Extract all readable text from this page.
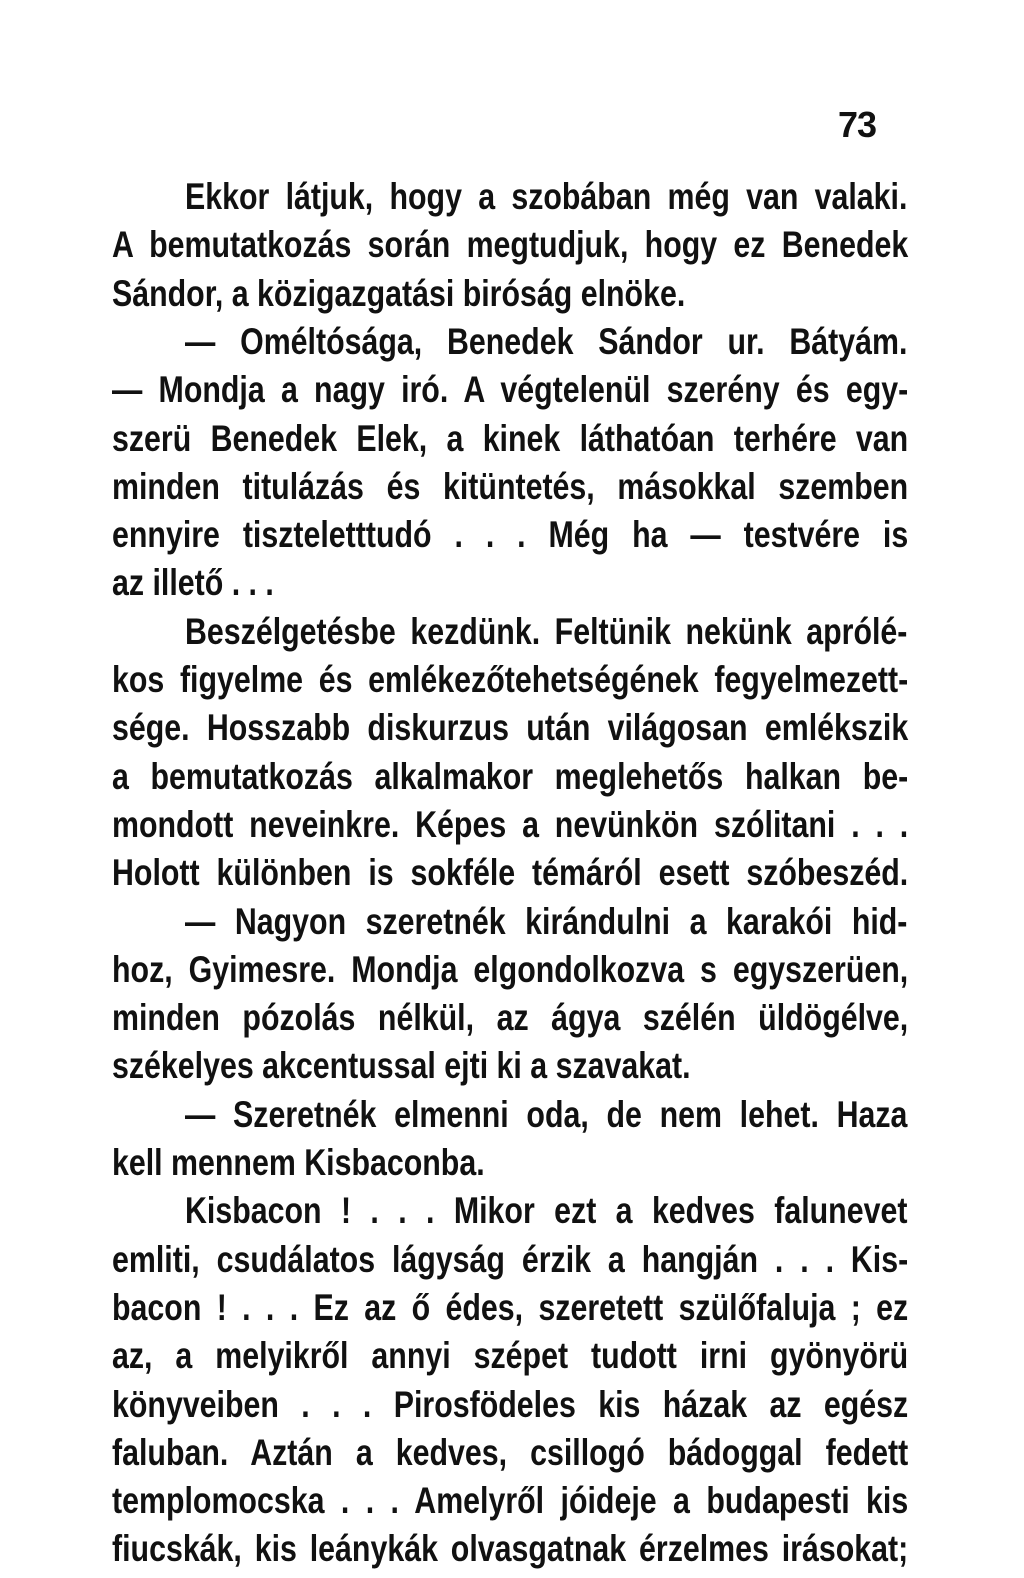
73
Ekkor látjuk, hogy a szobában még van valaki.
A bemutatkozás során megtudjuk, hogy ez Benedek
Sándor, a közigazgatási biróság elnöke.
— Oméltósága, Benedek Sándor ur. Bátyám.
— Mondja a nagy iró. A végtelenül szerény és egy-
szerü Benedek Elek, a kinek láthatóan terhére van
minden titulázás és kitüntetés, másokkal szemben
ennyire tiszteletttudó . . . Még ha — testvére is
az illető . . .
Beszélgetésbe kezdünk. Feltünik nekünk aprólé-
kos figyelme és emlékezőtehetségének fegyelmezett-
sége. Hosszabb diskurzus után világosan emlékszik
a bemutatkozás alkalmakor meglehetős halkan be-
mondott neveinkre. Képes a nevünkön szólitani . . .
Holott különben is sokféle témáról esett szóbeszéd.
— Nagyon szeretnék kirándulni a karakói hid-
hoz, Gyimesre. Mondja elgondolkozva s egyszerüen,
minden pózolás nélkül, az ágya szélén üldögélve,
székelyes akcentussal ejti ki a szavakat.
— Szeretnék elmenni oda, de nem lehet. Haza
kell mennem Kisbaconba.
Kisbacon ! . . . Mikor ezt a kedves falunevet
emliti, csudálatos lágyság érzik a hangján . . . Kis-
bacon ! . . . Ez az ő édes, szeretett szülőfaluja ; ez
az, a melyikről annyi szépet tudott irni gyönyörü
könyveiben . . . Pirosfödeles kis házak az egész
faluban. Aztán a kedves, csillogó bádoggal fedett
templomocska . . . Amelyről jóideje a budapesti kis
fiucskák, kis leánykák olvasgatnak érzelmes irásokat;
